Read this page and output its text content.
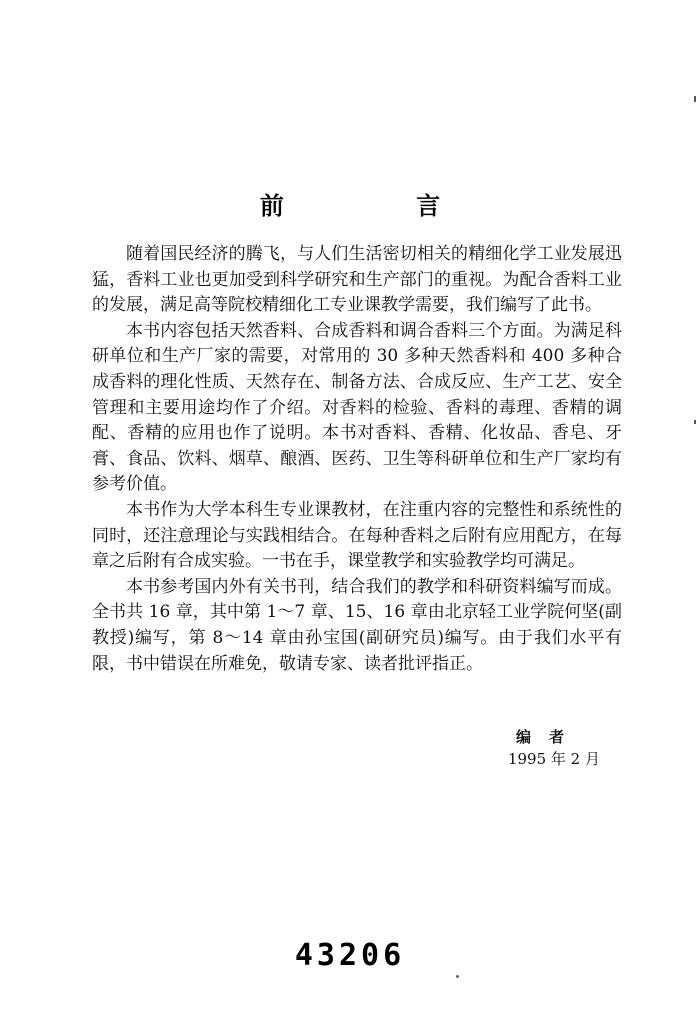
前 言

随着国民经济的腾飞，与人们生活密切相关的精细化学工业发展迅猛，香料工业也更加受到科学研究和生产部门的重视。为配合香料工业的发展，满足高等院校精细化工专业课教学需要，我们编写了此书。

本书内容包括天然香料、合成香料和调合香料三个方面。为满足科研单位和生产厂家的需要，对常用的 30 多种天然香料和 400 多种合成香料的理化性质、天然存在、制备方法、合成反应、生产工艺、安全管理和主要用途均作了介绍。对香料的检验、香料的毒理、香精的调配、香精的应用也作了说明。本书对香料、香精、化妆品、香皂、牙膏、食品、饮料、烟草、酿酒、医药、卫生等科研单位和生产厂家均有参考价值。

本书作为大学本科生专业课教材，在注重内容的完整性和系统性的同时，还注意理论与实践相结合。在每种香料之后附有应用配方，在每章之后附有合成实验。一书在手，课堂教学和实验教学均可满足。

本书参考国内外有关书刊，结合我们的教学和科研资料编写而成。全书共 16 章，其中第 1～7 章、15、16 章由北京轻工业学院何坚(副教授)编写，第 8～14 章由孙宝国(副研究员)编写。由于我们水平有限，书中错误在所难免，敬请专家、读者批评指正。

编者
1995 年 2 月
43206
